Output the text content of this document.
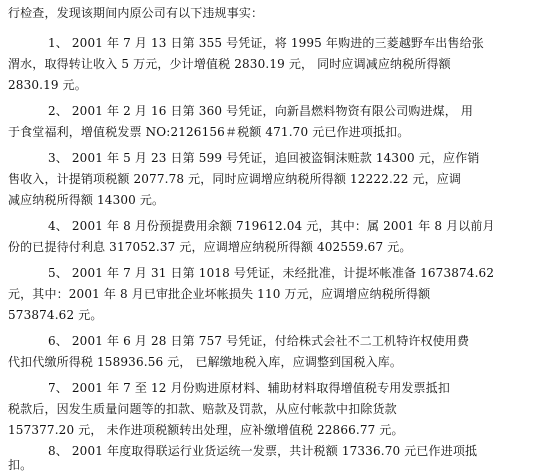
行检查，发现该期间内原公司有以下违规事实：
1、 2001 年 7 月 13 日第 355 号凭证，将 1995 年购进的三菱越野车出售给张
渭水，取得转让收入 5 万元，少计增值税 2830.19 元， 同时应调减应纳税所得额
2830.19 元。
2、 2001 年 2 月 16 日第 360 号凭证，向新昌燃料物资有限公司购进煤， 用
于食堂福利，增值税发票 NO:2126156＃税额 471.70 元已作进项抵扣。
3、 2001 年 5 月 23 日第 599 号凭证，追回被盗铜沫赃款 14300 元，应作销
售收入，计提销项税额 2077.78 元，同时应调增应纳税所得额 12222.22 元，应调
减应纳税所得额 14300 元。
4、 2001 年 8 月份预提费用余额 719612.04 元，其中：属 2001 年 8 月以前月
份的已提待付利息 317052.37 元，应调增应纳税所得额 402559.67 元。
5、 2001 年 7 月 31 日第 1018 号凭证，未经批准，计提坏帐准备 1673874.62
元，其中：2001 年 8 月已审批企业坏帐损失 110 万元，应调增应纳税所得额
573874.62 元。
6、 2001 年 6 月 28 日第 757 号凭证，付给株式会社不二工机特许权使用费
代扣代缴所得税 158936.56 元， 已解缴地税入库，应调整到国税入库。
7、 2001 年 7 至 12 月份购进原材料、辅助材料取得增值税专用发票抵扣
税款后，因发生质量问题等的扣款、赔款及罚款，从应付帐款中扣除货款
157377.20 元， 未作进项税额转出处理，应补缴增值税 22866.77 元。
8、 2001 年度取得联运行业货运统一发票，共计税额 17336.70 元已作进项抵
扣。
